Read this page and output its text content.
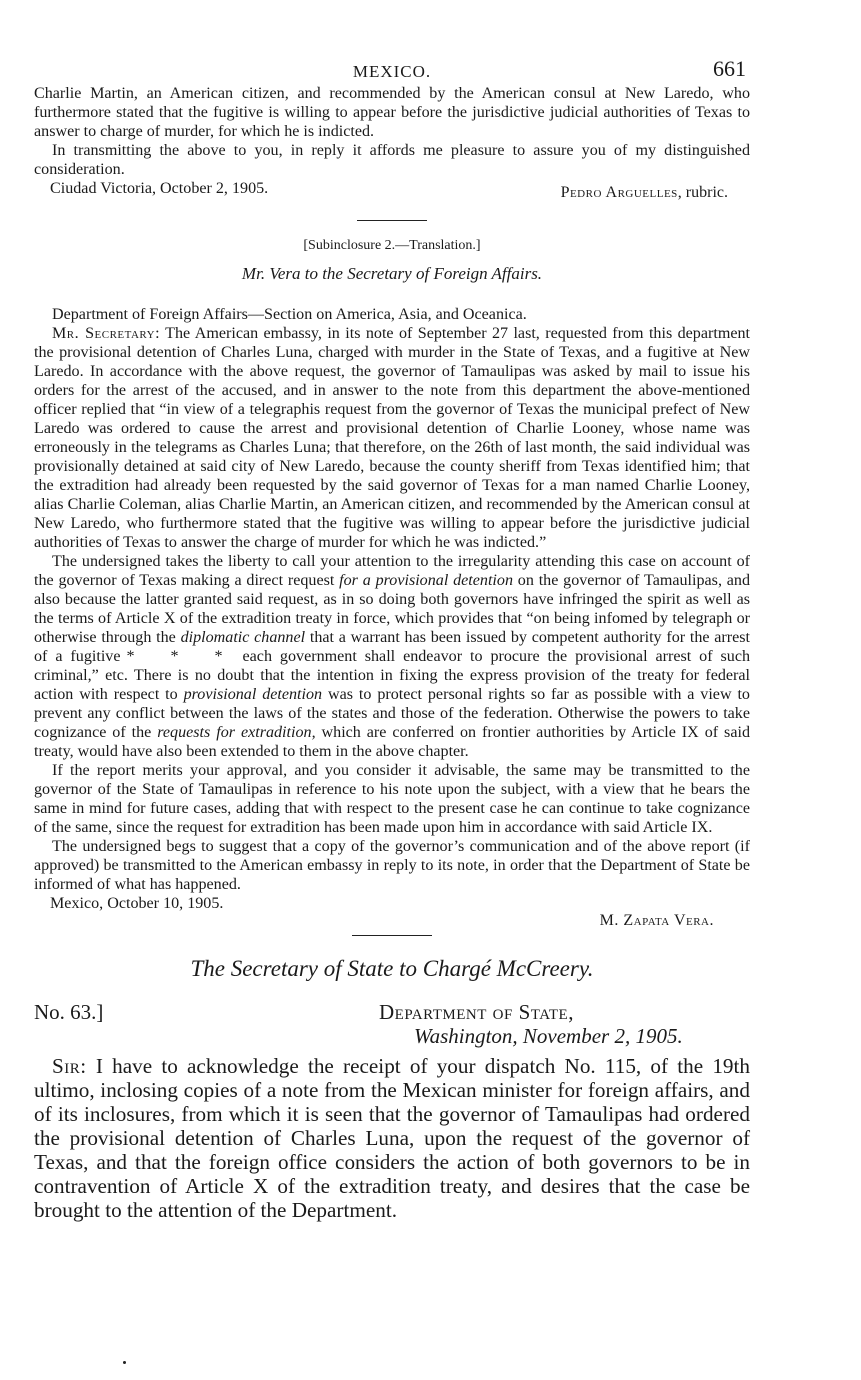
MEXICO.	661

Charlie Martin, an American citizen, and recommended by the American consul at New Laredo, who furthermore stated that the fugitive is willing to appear before the jurisdictive judicial authorities of Texas to answer to charge of murder, for which he is indicted.

In transmitting the above to you, in reply it affords me pleasure to assure you of my distinguished consideration.

Ciudad Victoria, October 2, 1905.	Pedro Arguelles, rubric.
[Subinclosure 2.—Translation.]
Mr. Vera to the Secretary of Foreign Affairs.

Department of Foreign Affairs—Section on America, Asia, and Oceanica.

Mr. Secretary: The American embassy, in its note of September 27 last, requested from this department the provisional detention of Charles Luna, charged with murder in the State of Texas, and a fugitive at New Laredo. In accordance with the above request, the governor of Tamaulipas was asked by mail to issue his orders for the arrest of the accused, and in answer to the note from this department the above-mentioned officer replied that “in view of a telegraphis request from the governor of Texas the municipal prefect of New Laredo was ordered to cause the arrest and provisional detention of Charlie Looney, whose name was erroneously in the telegrams as Charles Luna; that therefore, on the 26th of last month, the said individual was provisionally detained at said city of New Laredo, because the county sheriff from Texas identified him; that the extradition had already been requested by the said governor of Texas for a man named Charlie Looney, alias Charlie Coleman, alias Charlie Martin, an American citizen, and recommended by the American consul at New Laredo, who furthermore stated that the fugitive was willing to appear before the jurisdictive judicial authorities of Texas to answer the charge of murder for which he was indicted.”

The undersigned takes the liberty to call your attention to the irregularity attending this case on account of the governor of Texas making a direct request for a provisional detention on the governor of Tamaulipas, and also because the latter granted said request, as in so doing both governors have infringed the spirit as well as the terms of Article X of the extradition treaty in force, which provides that “on being infomed by telegraph or otherwise through the diplomatic channel that a warrant has been issued by competent authority for the arrest of a fugitive * * * each government shall endeavor to procure the provisional arrest of such criminal,” etc. There is no doubt that the intention in fixing the express provision of the treaty for federal action with respect to provisional detention was to protect personal rights so far as possible with a view to prevent any conflict between the laws of the states and those of the federation. Otherwise the powers to take cognizance of the requests for extradition, which are conferred on frontier authorities by Article IX of said treaty, would have also been extended to them in the above chapter.

If the report merits your approval, and you consider it advisable, the same may be transmitted to the governor of the State of Tamaulipas in reference to his note upon the subject, with a view that he bears the same in mind for future cases, adding that with respect to the present case he can continue to take cognizance of the same, since the request for extradition has been made upon him in accordance with said Article IX.

The undersigned begs to suggest that a copy of the governor’s communication and of the above report (if approved) be transmitted to the American embassy in reply to its note, in order that the Department of State be informed of what has happened.

Mexico, October 10, 1905.

M. Zapata Vera.
The Secretary of State to Chargé McCreery.
No. 63.]	Department of State,
Washington, November 2, 1905.

Sir: I have to acknowledge the receipt of your dispatch No. 115, of the 19th ultimo, inclosing copies of a note from the Mexican minister for foreign affairs, and of its inclosures, from which it is seen that the governor of Tamaulipas had ordered the provisional detention of Charles Luna, upon the request of the governor of Texas, and that the foreign office considers the action of both governors to be in contravention of Article X of the extradition treaty, and desires that the case be brought to the attention of the Department.
